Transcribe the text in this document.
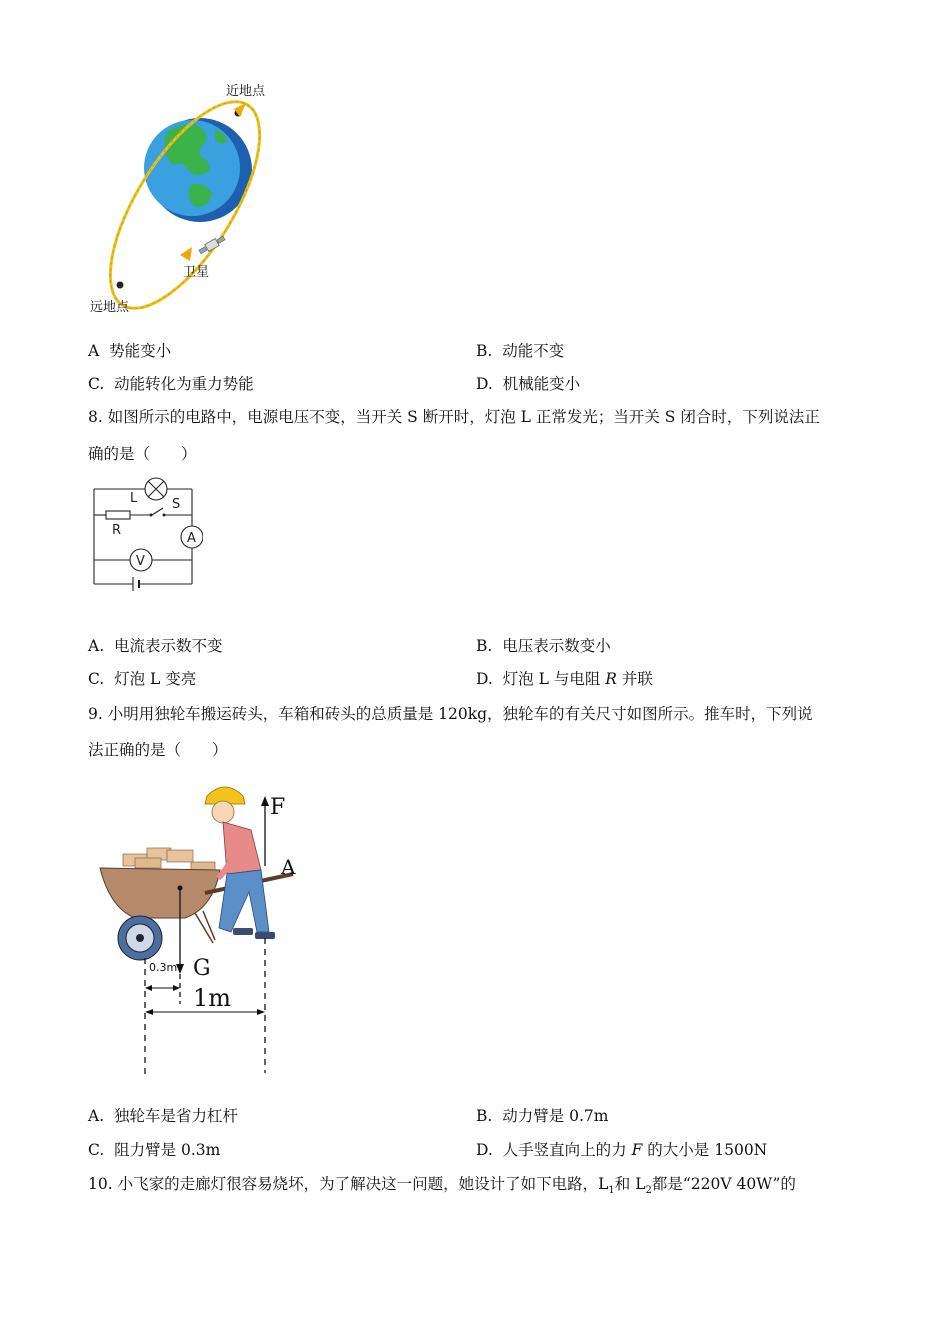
近地点
远地点
卫星
A 势能变小	B. 动能不变
C. 动能转化为重力势能	D. 机械能变小
8. 如图所示的电路中，电源电压不变，当开关 S 断开时，灯泡 L 正常发光；当开关 S 闭合时，下列说法正
确的是（　　）
L	S
R
A
V
A. 电流表示数不变	B. 电压表示数变小
C. 灯泡 L 变亮	D. 灯泡 L 与电阻 R 并联
9. 小明用独轮车搬运砖头，车箱和砖头的总质量是 120kg，独轮车的有关尺寸如图所示。推车时，下列说
法正确的是（　　）
F
A
G
0.3m
1m
A. 独轮车是省力杠杆	B. 动力臂是 0.7m
C. 阻力臂是 0.3m	D. 人手竖直向上的力 F 的大小是 1500N
10. 小飞家的走廊灯很容易烧坏，为了解决这一问题，她设计了如下电路，$L_1$和 $L_2$都是“220V 40W”的
